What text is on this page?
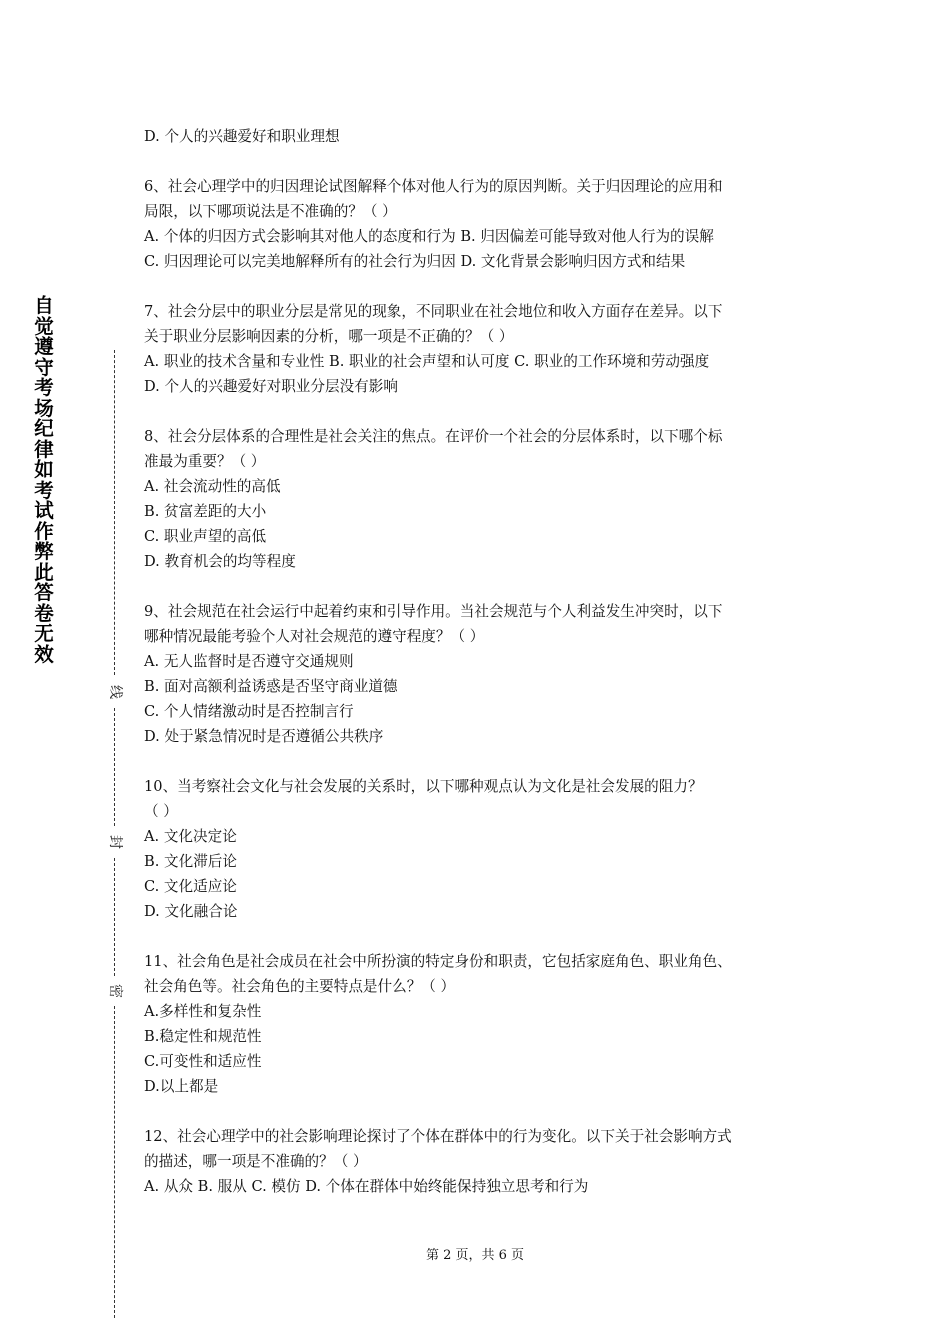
自觉遵守考场纪律如考试作弊此答卷无效
线
封
密
D. 个人的兴趣爱好和职业理想
6、社会心理学中的归因理论试图解释个体对他人行为的原因判断。关于归因理论的应用和
局限，以下哪项说法是不准确的？（ ）
A. 个体的归因方式会影响其对他人的态度和行为 B. 归因偏差可能导致对他人行为的误解
C. 归因理论可以完美地解释所有的社会行为归因 D. 文化背景会影响归因方式和结果
7、社会分层中的职业分层是常见的现象，不同职业在社会地位和收入方面存在差异。以下
关于职业分层影响因素的分析，哪一项是不正确的？（ ）
A. 职业的技术含量和专业性 B. 职业的社会声望和认可度 C. 职业的工作环境和劳动强度
D. 个人的兴趣爱好对职业分层没有影响
8、社会分层体系的合理性是社会关注的焦点。在评价一个社会的分层体系时，以下哪个标
准最为重要？（ ）
A. 社会流动性的高低
B. 贫富差距的大小
C. 职业声望的高低
D. 教育机会的均等程度
9、社会规范在社会运行中起着约束和引导作用。当社会规范与个人利益发生冲突时，以下
哪种情况最能考验个人对社会规范的遵守程度？（ ）
A. 无人监督时是否遵守交通规则
B. 面对高额利益诱惑是否坚守商业道德
C. 个人情绪激动时是否控制言行
D. 处于紧急情况时是否遵循公共秩序
10、当考察社会文化与社会发展的关系时，以下哪种观点认为文化是社会发展的阻力？
（ ）
A. 文化决定论
B. 文化滞后论
C. 文化适应论
D. 文化融合论
11、社会角色是社会成员在社会中所扮演的特定身份和职责，它包括家庭角色、职业角色、
社会角色等。社会角色的主要特点是什么？（ ）
A.多样性和复杂性
B.稳定性和规范性
C.可变性和适应性
D.以上都是
12、社会心理学中的社会影响理论探讨了个体在群体中的行为变化。以下关于社会影响方式
的描述，哪一项是不准确的？（ ）
A. 从众 B. 服从 C. 模仿 D. 个体在群体中始终能保持独立思考和行为
第 2 页，共 6 页
